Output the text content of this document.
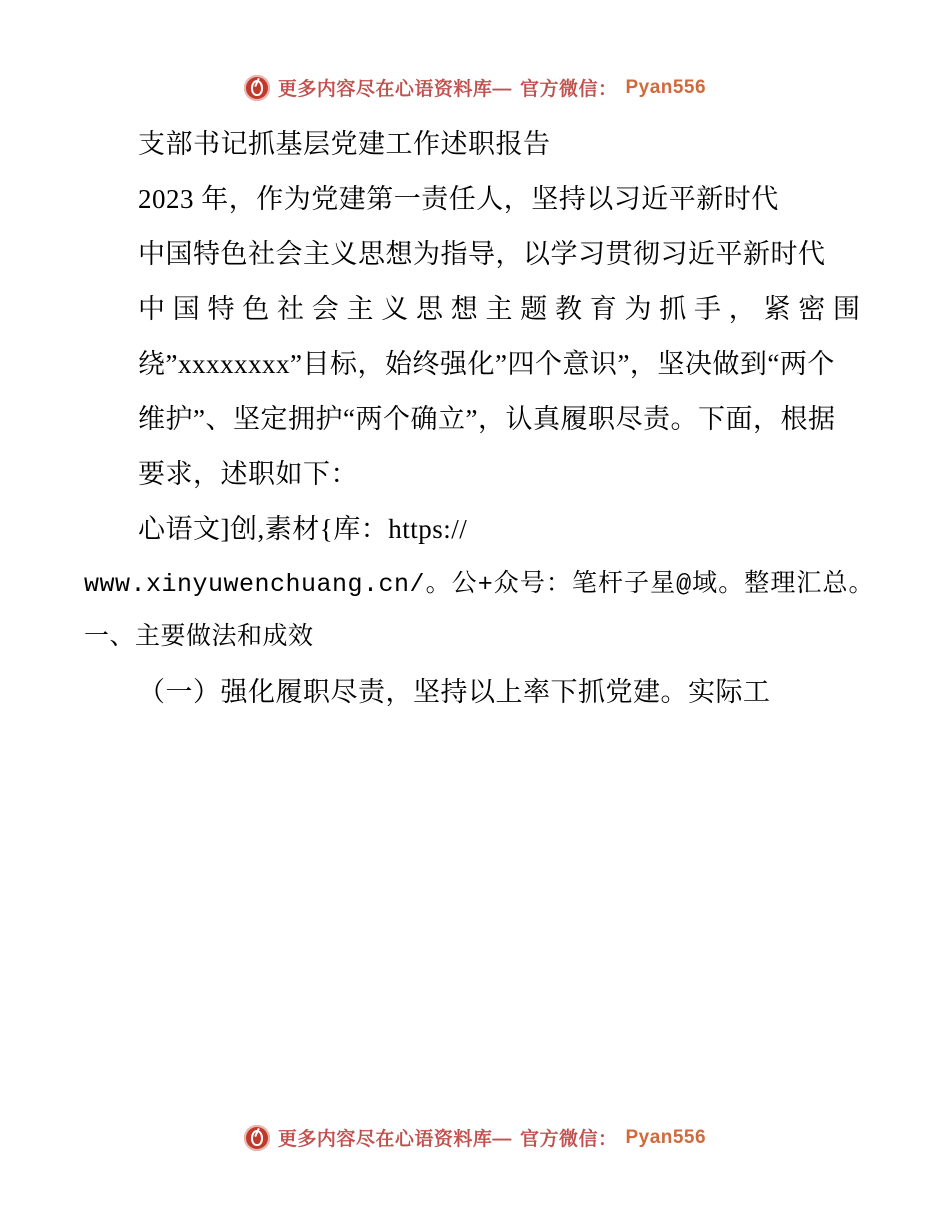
更多内容尽在心语资料库— 官方微信： Pyan556
支部书记抓基层党建工作述职报告
2023 年，作为党建第一责任人，坚持以习近平新时代
中国特色社会主义思想为指导，以学习贯彻习近平新时代
中 国 特 色 社 会 主 义 思 想 主 题 教 育 为 抓 手 ， 紧 密 围
绕”xxxxxxxx”目标，始终强化”四个意识”，坚决做到“两个
维护”、坚定拥护“两个确立”，认真履职尽责。下面，根据
要求，述职如下：
心语文]创,素材{库：https://
www.xinyuwenchuang.cn/。公+众号：笔杆子星@域。整理汇总。一、主要做法和成效
（一）强化履职尽责，坚持以上率下抓党建。实际工
更多内容尽在心语资料库— 官方微信： Pyan556
